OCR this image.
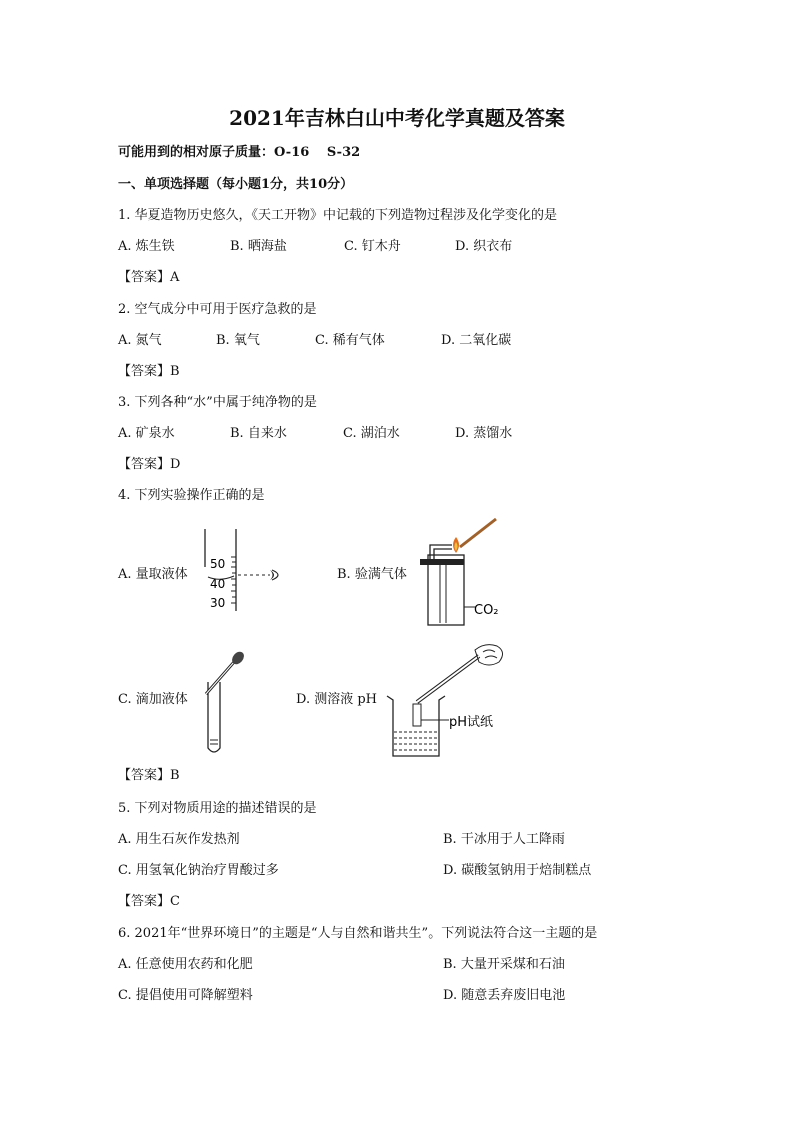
2021年吉林白山中考化学真题及答案
可能用到的相对原子质量：O-16　 S-32
一、单项选择题（每小题1分，共10分）
1. 华夏造物历史悠久，《天工开物》中记载的下列造物过程涉及化学变化的是
A. 炼生铁	B. 晒海盐	C. 钉木舟	D. 织衣布
【答案】A
2. 空气成分中可用于医疗急救的是
A. 氮气	B. 氧气	C. 稀有气体	D. 二氧化碳
【答案】B
3. 下列各种“水”中属于纯净物的是
A. 矿泉水	B. 自来水	C. 湖泊水	D. 蒸馏水
【答案】D
4. 下列实验操作正确的是
A. 量取液体
50
40
30
B. 验满气体
CO₂
C. 滴加液体	D. 测溶液 pH
pH试纸
【答案】B
5. 下列对物质用途的描述错误的是
A. 用生石灰作发热剂	B. 干冰用于人工降雨
C. 用氢氧化钠治疗胃酸过多	D. 碳酸氢钠用于焙制糕点
【答案】C
6. 2021年“世界环境日”的主题是“人与自然和谐共生”。下列说法符合这一主题的是
A. 任意使用农药和化肥	B. 大量开采煤和石油
C. 提倡使用可降解塑料	D. 随意丢弃废旧电池
